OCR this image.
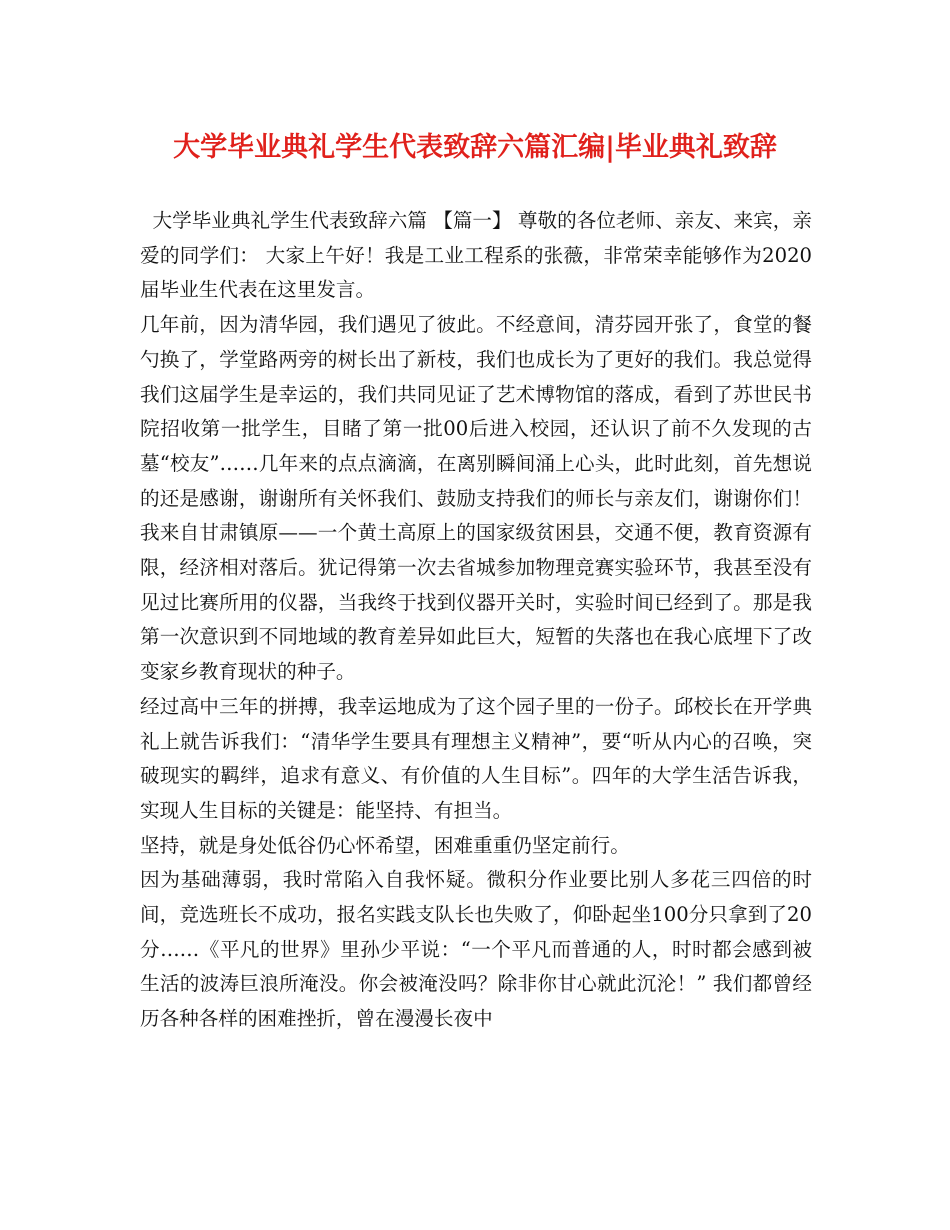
大学毕业典礼学生代表致辞六篇汇编|毕业典礼致辞

大学毕业典礼学生代表致辞六篇 【篇一】 尊敬的各位老师、亲友、来宾，亲爱的同学们： 大家上午好！我是工业工程系的张薇，非常荣幸能够作为2020届毕业生代表在这里发言。

几年前，因为清华园，我们遇见了彼此。不经意间，清芬园开张了，食堂的餐勺换了，学堂路两旁的树长出了新枝，我们也成长为了更好的我们。我总觉得我们这届学生是幸运的，我们共同见证了艺术博物馆的落成，看到了苏世民书院招收第一批学生，目睹了第一批00后进入校园，还认识了前不久发现的古墓“校友”……几年来的点点滴滴，在离别瞬间涌上心头，此时此刻，首先想说的还是感谢，谢谢所有关怀我们、鼓励支持我们的师长与亲友们，谢谢你们！ 我来自甘肃镇原——一个黄土高原上的国家级贫困县，交通不便，教育资源有限，经济相对落后。犹记得第一次去省城参加物理竞赛实验环节，我甚至没有见过比赛所用的仪器，当我终于找到仪器开关时，实验时间已经到了。那是我第一次意识到不同地域的教育差异如此巨大，短暂的失落也在我心底埋下了改变家乡教育现状的种子。

经过高中三年的拼搏，我幸运地成为了这个园子里的一份子。邱校长在开学典礼上就告诉我们：“清华学生要具有理想主义精神”，要“听从内心的召唤，突破现实的羁绊，追求有意义、有价值的人生目标”。四年的大学生活告诉我，实现人生目标的关键是：能坚持、有担当。

坚持，就是身处低谷仍心怀希望，困难重重仍坚定前行。

因为基础薄弱，我时常陷入自我怀疑。微积分作业要比别人多花三四倍的时间，竞选班长不成功，报名实践支队长也失败了，仰卧起坐100分只拿到了20分……《平凡的世界》里孙少平说：“一个平凡而普通的人，时时都会感到被生活的波涛巨浪所淹没。你会被淹没吗？除非你甘心就此沉沦！” 我们都曾经历各种各样的困难挫折，曾在漫漫长夜中
